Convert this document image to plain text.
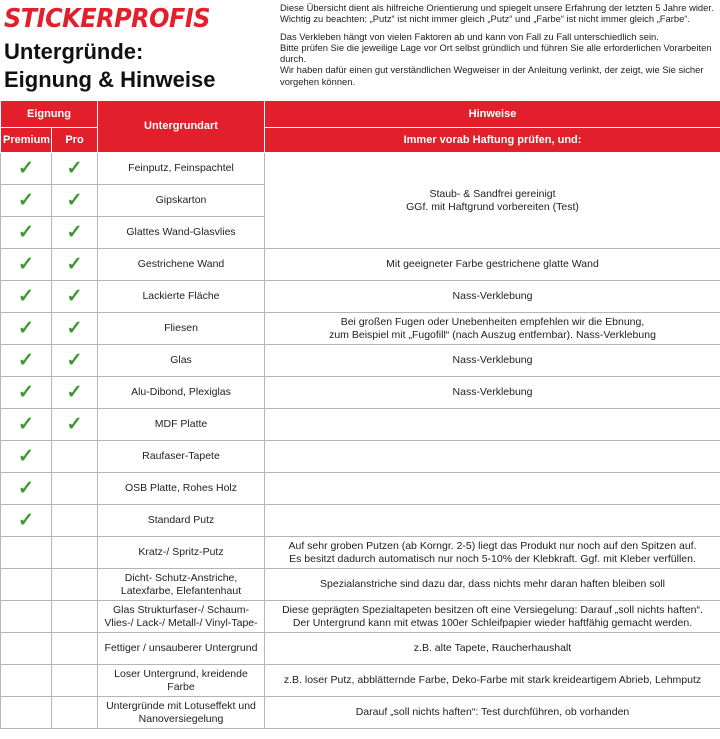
STICKERPROFIS
Untergründe:
Eignung & Hinweise

Diese Übersicht dient als hilfreiche Orientierung und spiegelt unsere Erfahrung der letzten 5 Jahre wider.

Wichtig zu beachten: „Putz“ ist nicht immer gleich „Putz“ und „Farbe“ ist nicht immer gleich „Farbe“.

Das Verkleben hängt von vielen Faktoren ab und kann von Fall zu Fall unterschiedlich sein.

Bitte prüfen Sie die jeweilige Lage vor Ort selbst gründlich und führen Sie alle erforderlichen Vorarbeiten durch.

Wir haben dafür einen gut verständlichen Wegweiser in der Anleitung verlinkt, der zeigt, wie Sie sicher vorgehen können.

Eignung		Untergrundart	Hinweise
Premium	Pro		Immer vorab Haftung prüfen, und:
✓	✓	Feinputz, Feinspachtel	Staub- & Sandfrei gereinigt
GGf. mit Haftgrund vorbereiten (Test)

✓	✓	Gipskarton	
✓	✓	Glattes Wand-Glasvlies	
✓	✓	Gestrichene Wand	Mit geeigneter Farbe gestrichene glatte Wand
✓	✓	Lackierte Fläche	Nass-Verklebung
✓	✓	Fliesen	Bei großen Fugen oder Unebenheiten empfehlen wir die Ebnung,
zum Beispiel mit „Fugofill“ (nach Auszug entfernbar). Nass-Verklebung

✓	✓	Glas	Nass-Verklebung
✓	✓	Alu-Dibond, Plexiglas	Nass-Verklebung
✓	✓	MDF Platte	
✓		Raufaser-Tapete	
✓		OSB Platte, Rohes Holz	
✓		Standard Putz	
		Kratz-/ Spritz-Putz	Auf sehr groben Putzen (ab Korngr. 2-5) liegt das Produkt nur noch auf den Spitzen auf.
Es besitzt dadurch automatisch nur noch 5-10% der Klebkraft. Ggf. mit Kleber verfüllen.

		Dicht- Schutz-Anstriche, Latexfarbe, Elefantenhaut	Spezialanstriche sind dazu dar, dass nichts mehr daran haften bleiben soll
		Glas Strukturfaser-/ Schaum-Vlies-/ Lack-/ Metall-/ Vinyl-Tape-	Diese geprägten Spezialtapeten besitzen oft eine Versiegelung: Darauf „soll nichts haften“.
Der Untergrund kann mit etwas 100er Schleifpapier wieder haftfähig gemacht werden.

		Fettiger / unsauberer Untergrund	z.B. alte Tapete, Raucherhaushalt
		Loser Untergrund, kreidende Farbe	z.B. loser Putz, abblätternde Farbe, Deko-Farbe mit stark kreideartigem Abrieb, Lehmputz
		Untergründe mit Lotuseffekt und Nanoversiegelung	Darauf „soll nichts haften“: Test durchführen, ob vorhanden
